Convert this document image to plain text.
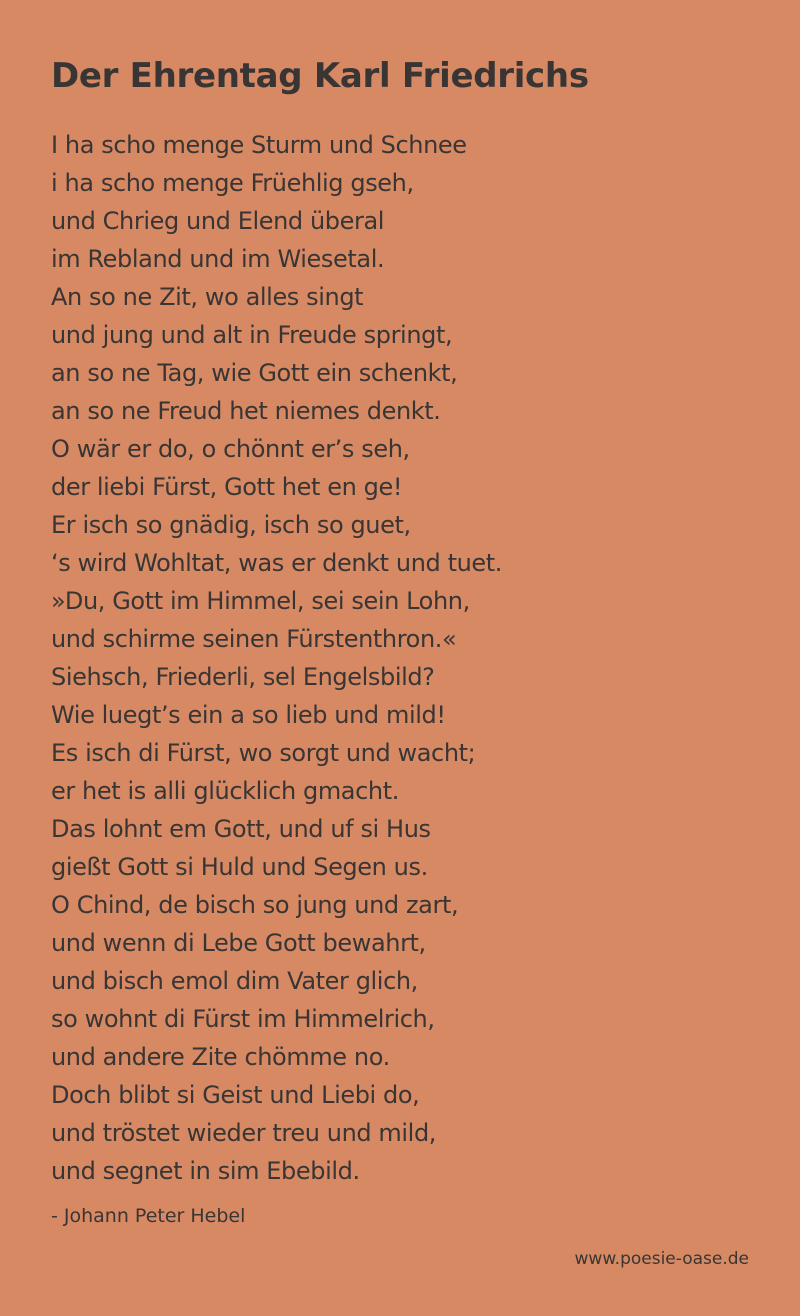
Der Ehrentag Karl Friedrichs
I ha scho menge Sturm und Schnee
i ha scho menge Früehlig gseh,
und Chrieg und Elend überal
im Rebland und im Wiesetal.
An so ne Zit, wo alles singt
und jung und alt in Freude springt,
an so ne Tag, wie Gott ein schenkt,
an so ne Freud het niemes denkt.
O wär er do, o chönnt er’s seh,
der liebi Fürst, Gott het en ge!
Er isch so gnädig, isch so guet,
‘s wird Wohltat, was er denkt und tuet.
»Du, Gott im Himmel, sei sein Lohn,
und schirme seinen Fürstenthron.«
Siehsch, Friederli, sel Engelsbild?
Wie luegt’s ein a so lieb und mild!
Es isch di Fürst, wo sorgt und wacht;
er het is alli glücklich gmacht.
Das lohnt em Gott, und uf si Hus
gießt Gott si Huld und Segen us.
O Chind, de bisch so jung und zart,
und wenn di Lebe Gott bewahrt,
und bisch emol dim Vater glich,
so wohnt di Fürst im Himmelrich,
und andere Zite chömme no.
Doch blibt si Geist und Liebi do,
und tröstet wieder treu und mild,
und segnet in sim Ebebild.

- Johann Peter Hebel

www.poesie-oase.de
